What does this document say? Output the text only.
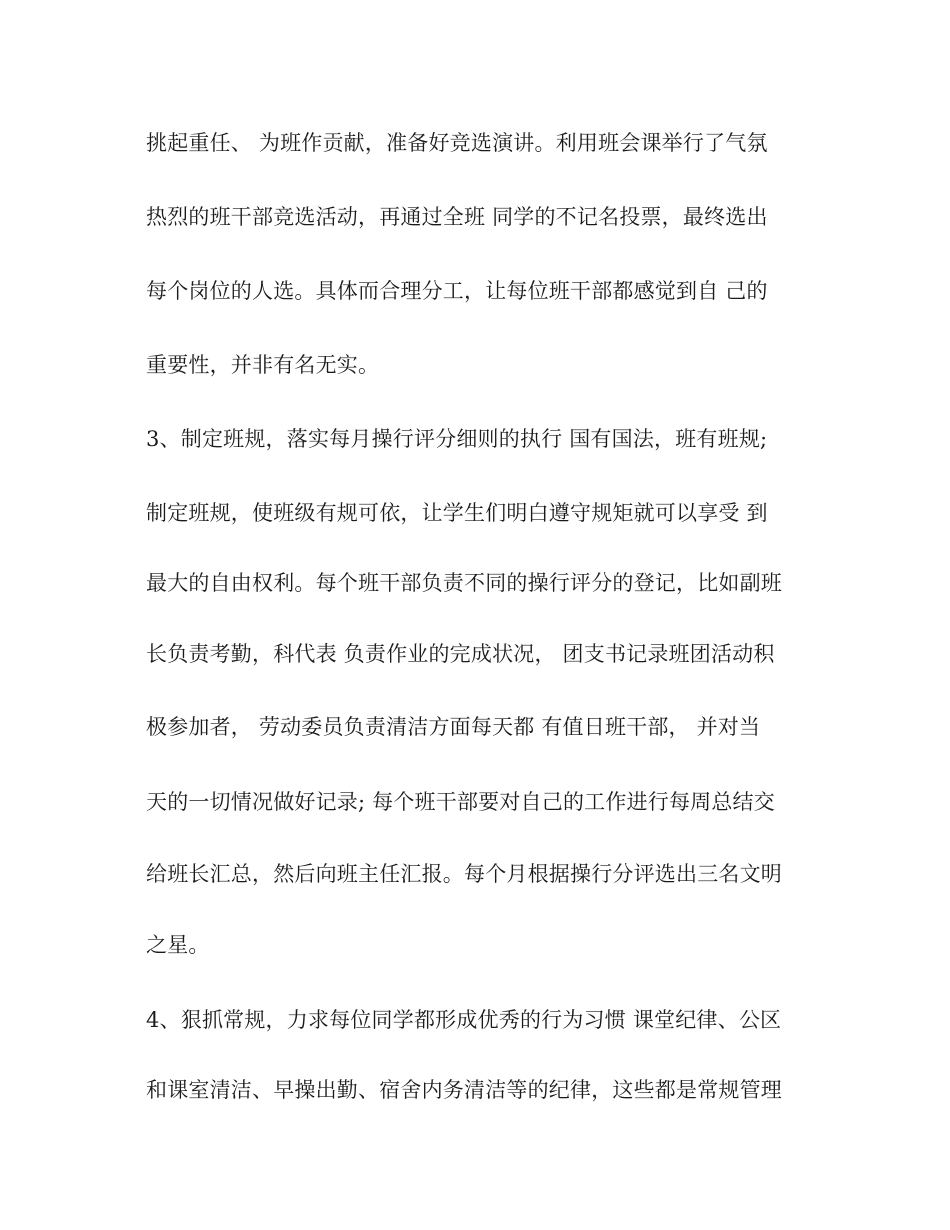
挑起重任、 为班作贡献，准备好竞选演讲。利用班会课举行了气氛
热烈的班干部竞选活动，再通过全班 同学的不记名投票，最终选出
每个岗位的人选。具体而合理分工，让每位班干部都感觉到自 己的
重要性，并非有名无实。
3、制定班规，落实每月操行评分细则的执行 国有国法，班有班规;
制定班规，使班级有规可依，让学生们明白遵守规矩就可以享受 到
最大的自由权利。每个班干部负责不同的操行评分的登记，比如副班
长负责考勤，科代表 负责作业的完成状况， 团支书记录班团活动积
极参加者， 劳动委员负责清洁方面每天都 有值日班干部， 并对当
天的一切情况做好记录; 每个班干部要对自己的工作进行每周总结交
给班长汇总，然后向班主任汇报。每个月根据操行分评选出三名文明
之星。
4、狠抓常规，力求每位同学都形成优秀的行为习惯 课堂纪律、公区
和课室清洁、早操出勤、宿舍内务清洁等的纪律，这些都是常规管理
